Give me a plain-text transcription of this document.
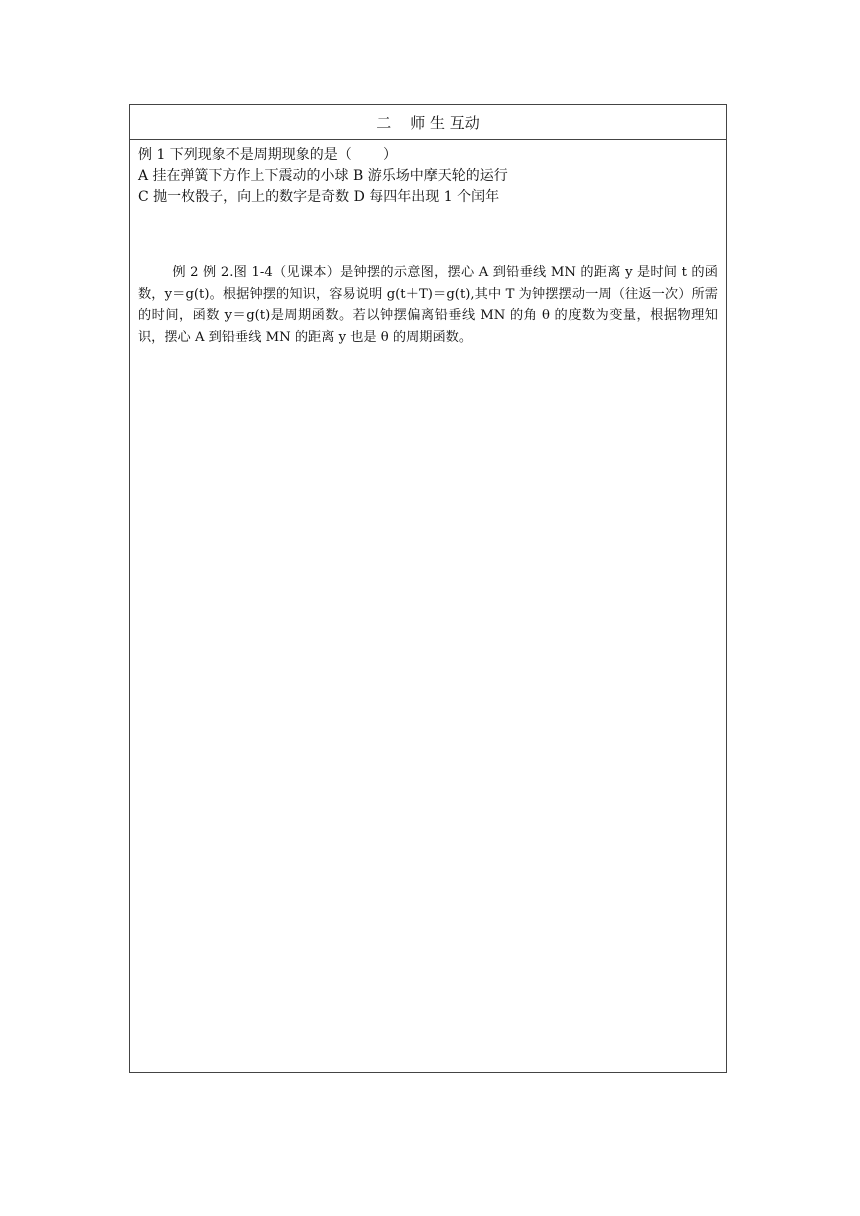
二    师 生 互动

例 1 下列现象不是周期现象的是（       ）

A 挂在弹簧下方作上下震动的小球 B 游乐场中摩天轮的运行

C 抛一枚骰子，向上的数字是奇数 D 每四年出现 1 个闰年

例 2 例 2.图 1-4（见课本）是钟摆的示意图，摆心 A 到铅垂线 MN 的距离 y 是时间 t 的函数，y＝g(t)。根据钟摆的知识，容易说明 g(t＋T)＝g(t),其中 T 为钟摆摆动一周（往返一次）所需的时间，函数 y＝g(t)是周期函数。若以钟摆偏离铅垂线 MN 的角 θ 的度数为变量，根据物理知识，摆心 A 到铅垂线 MN 的距离 y 也是 θ 的周期函数。
